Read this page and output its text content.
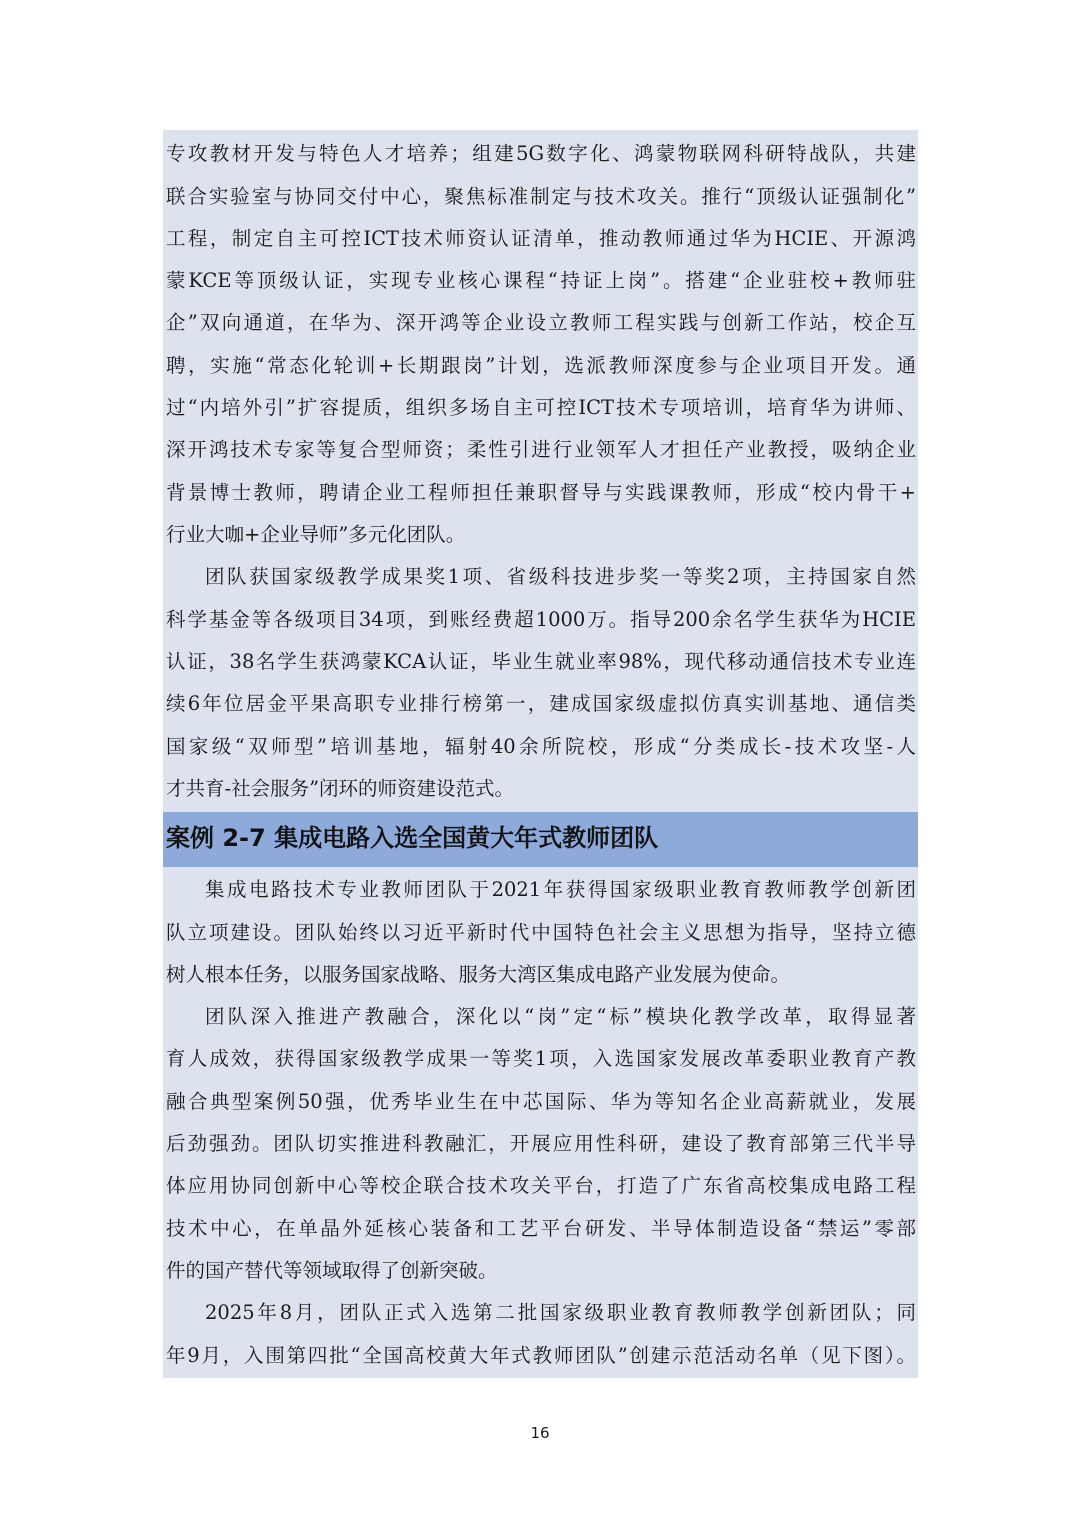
专攻教材开发与特色人才培养；组建5G数字化、鸿蒙物联网科研特战队，共建
联合实验室与协同交付中心，聚焦标准制定与技术攻关。推行“顶级认证强制化”
工程，制定自主可控ICT技术师资认证清单，推动教师通过华为HCIE、开源鸿
蒙KCE等顶级认证，实现专业核心课程“持证上岗”。搭建“企业驻校+教师驻
企”双向通道，在华为、深开鸿等企业设立教师工程实践与创新工作站，校企互
聘，实施“常态化轮训+长期跟岗”计划，选派教师深度参与企业项目开发。通
过“内培外引”扩容提质，组织多场自主可控ICT技术专项培训，培育华为讲师、
深开鸿技术专家等复合型师资；柔性引进行业领军人才担任产业教授，吸纳企业
背景博士教师，聘请企业工程师担任兼职督导与实践课教师，形成“校内骨干+
行业大咖+企业导师”多元化团队。
团队获国家级教学成果奖1项、省级科技进步奖一等奖2项，主持国家自然
科学基金等各级项目34项，到账经费超1000万。指导200余名学生获华为HCIE
认证，38名学生获鸿蒙KCA认证，毕业生就业率98%，现代移动通信技术专业连
续6年位居金平果高职专业排行榜第一，建成国家级虚拟仿真实训基地、通信类
国家级“双师型”培训基地，辐射40余所院校，形成“分类成长-技术攻坚-人
才共育-社会服务”闭环的师资建设范式。
案例 2-7 集成电路入选全国黄大年式教师团队
集成电路技术专业教师团队于2021年获得国家级职业教育教师教学创新团
队立项建设。团队始终以习近平新时代中国特色社会主义思想为指导，坚持立德
树人根本任务，以服务国家战略、服务大湾区集成电路产业发展为使命。
团队深入推进产教融合，深化以“岗”定“标”模块化教学改革，取得显著
育人成效，获得国家级教学成果一等奖1项，入选国家发展改革委职业教育产教
融合典型案例50强，优秀毕业生在中芯国际、华为等知名企业高薪就业，发展
后劲强劲。团队切实推进科教融汇，开展应用性科研，建设了教育部第三代半导
体应用协同创新中心等校企联合技术攻关平台，打造了广东省高校集成电路工程
技术中心，在单晶外延核心装备和工艺平台研发、半导体制造设备“禁运”零部
件的国产替代等领域取得了创新突破。
2025年8月，团队正式入选第二批国家级职业教育教师教学创新团队；同
年9月，入围第四批“全国高校黄大年式教师团队”创建示范活动名单（见下图）。
16
